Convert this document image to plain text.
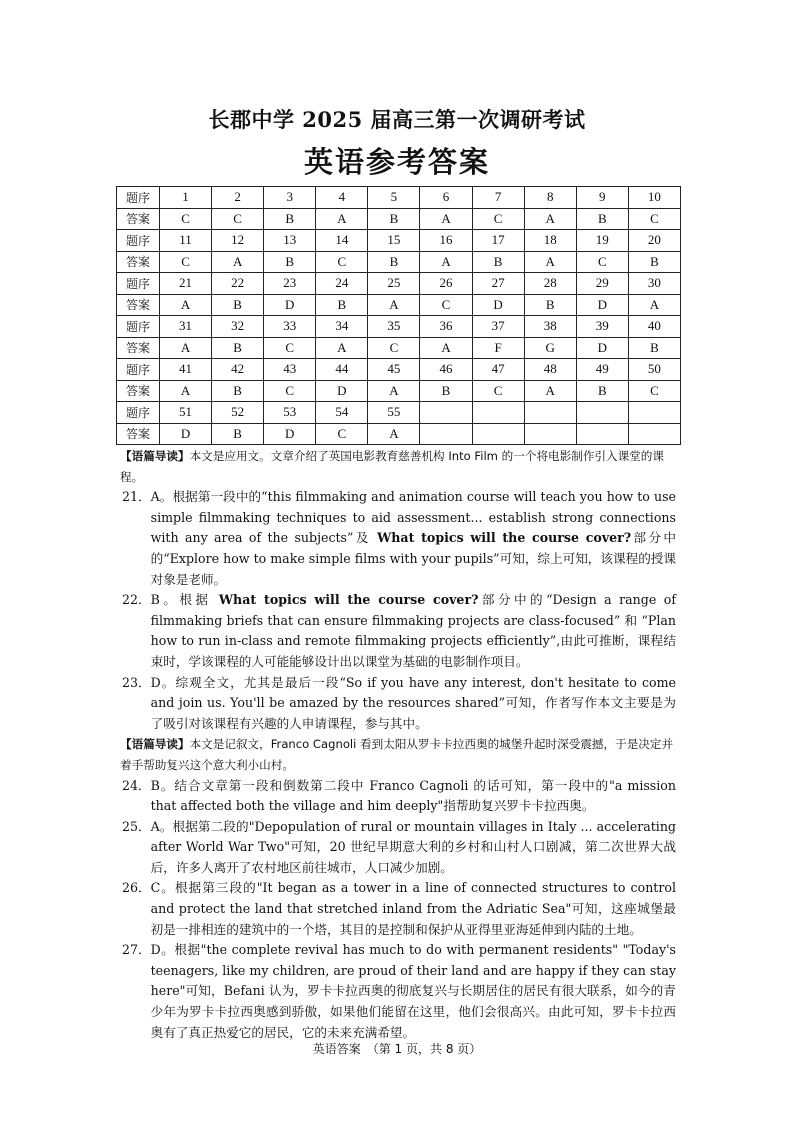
长郡中学 2025 届高三第一次调研考试
英语参考答案
题序	1	2	3	4	5	6	7	8	9	10
答案	C	C	B	A	B	A	C	A	B	C
题序	11	12	13	14	15	16	17	18	19	20
答案	C	A	B	C	B	A	B	A	C	B
题序	21	22	23	24	25	26	27	28	29	30
答案	A	B	D	B	A	C	D	B	D	A
题序	31	32	33	34	35	36	37	38	39	40
答案	A	B	C	A	C	A	F	G	D	B
题序	41	42	43	44	45	46	47	48	49	50
答案	A	B	C	D	A	B	C	A	B	C
题序	51	52	53	54	55					
答案	D	B	D	C	A					

【语篇导读】本文是应用文。文章介绍了英国电影教育慈善机构 Into Film 的一个将电影制作引入课堂的课程。

21． A。根据第一段中的“this filmmaking and animation course will teach you how to use simple filmmaking techniques to aid assessment... establish strong connections with any area of the subjects”及 What topics will the course cover?部分中的“Explore how to make simple films with your pupils”可知，综上可知，该课程的授课对象是老师。
22． B。根据 What topics will the course cover?部分中的“Design a range of filmmaking briefs that can ensure filmmaking projects are class-focused” 和 “Plan how to run in-class and remote filmmaking projects efficiently”,由此可推断，课程结束时，学该课程的人可能能够设计出以课堂为基础的电影制作项目。
23． D。综观全文，尤其是最后一段“So if you have any interest, don't hesitate to come and join us. You'll be amazed by the resources shared”可知，作者写作本文主要是为了吸引对该课程有兴趣的人申请课程，参与其中。

【语篇导读】本文是记叙文，Franco Cagnoli 看到太阳从罗卡卡拉西奥的城堡升起时深受震撼，于是决定并着手帮助复兴这个意大利小山村。

24． B。结合文章第一段和倒数第二段中 Franco Cagnoli 的话可知，第一段中的"a mission that affected both the village and him deeply"指帮助复兴罗卡卡拉西奥。
25． A。根据第二段的"Depopulation of rural or mountain villages in Italy ... accelerating after World War Two"可知，20 世纪早期意大利的乡村和山村人口剧减，第二次世界大战后，许多人离开了农村地区前往城市，人口减少加剧。
26． C。根据第三段的"It began as a tower in a line of connected structures to control and protect the land that stretched inland from the Adriatic Sea"可知，这座城堡最初是一排相连的建筑中的一个塔，其目的是控制和保护从亚得里亚海延伸到内陆的土地。
27． D。根据"the complete revival has much to do with permanent residents" "Today's teenagers, like my children, are proud of their land and are happy if they can stay here"可知，Befani 认为，罗卡卡拉西奥的彻底复兴与长期居住的居民有很大联系，如今的青少年为罗卡卡拉西奥感到骄傲，如果他们能留在这里，他们会很高兴。由此可知，罗卡卡拉西奥有了真正热爱它的居民，它的未来充满希望。
英语答案　（第 1 页，共 8 页）
